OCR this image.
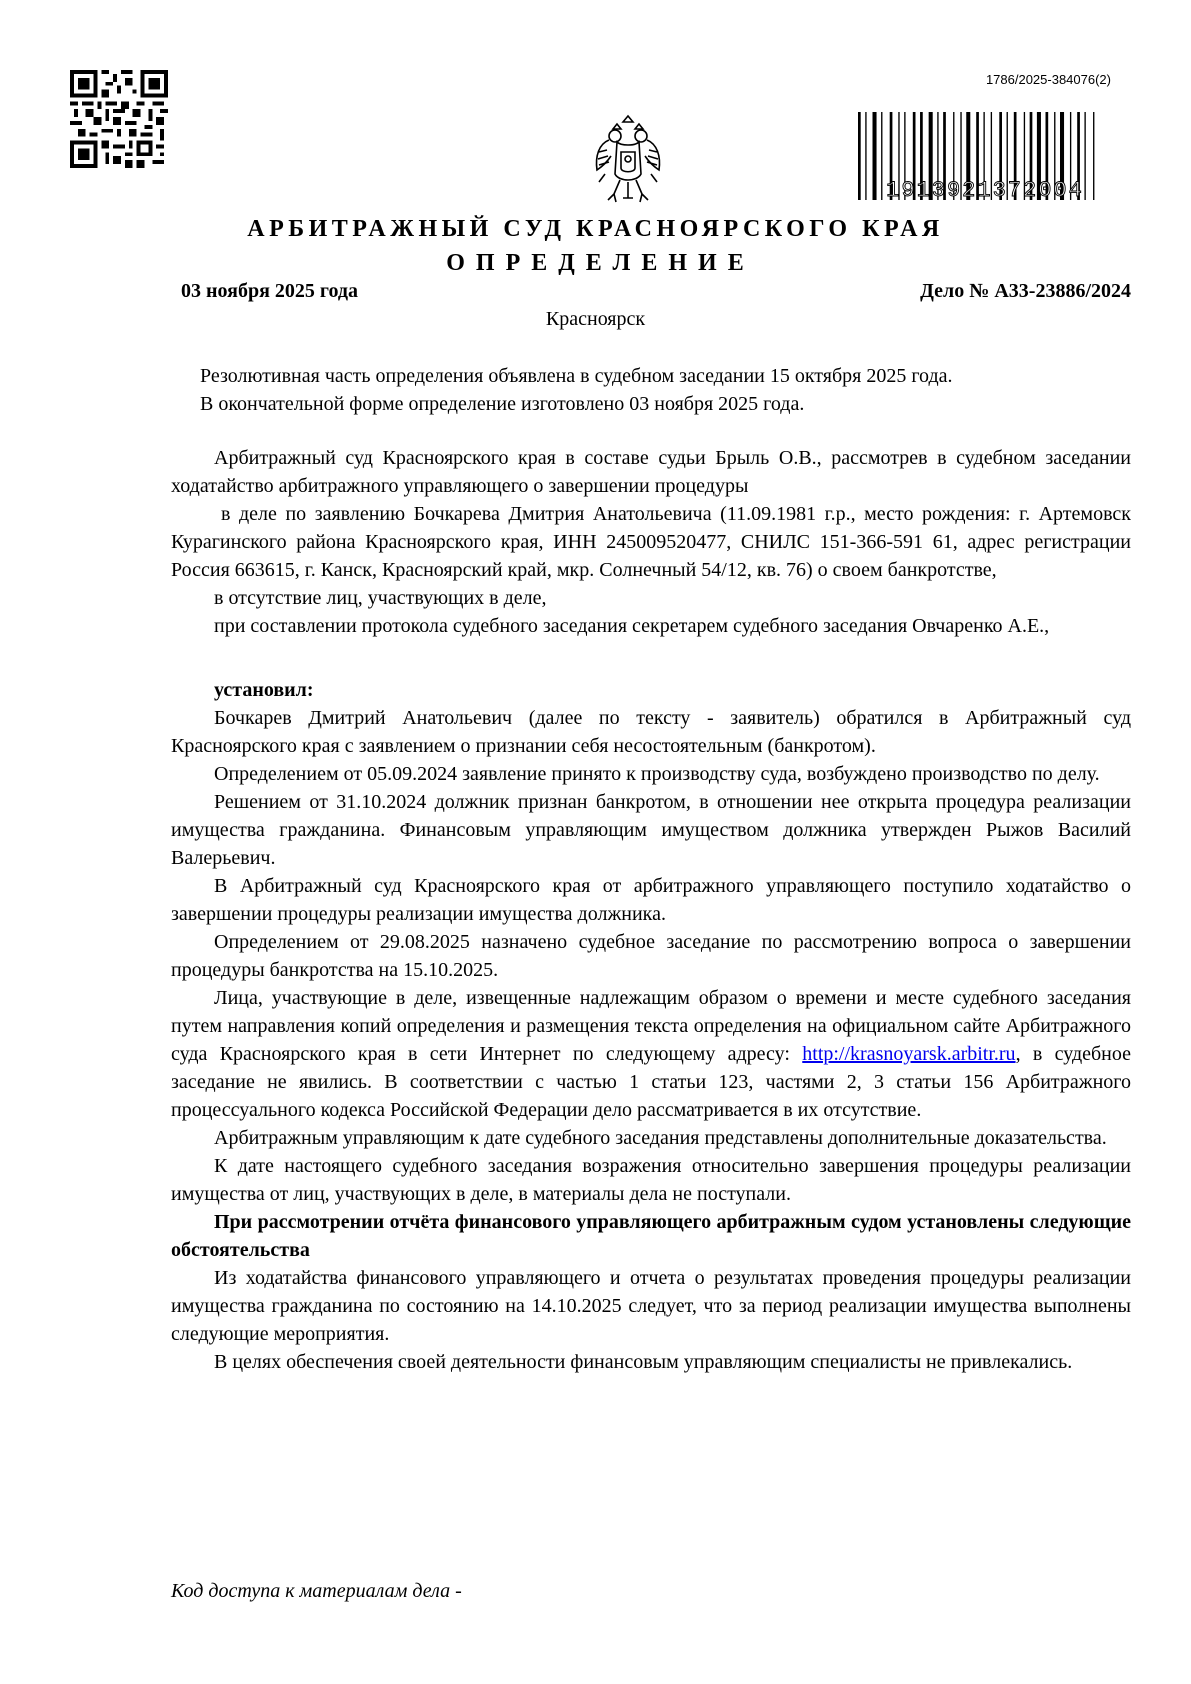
1786/2025-384076(2)
1913921372004
АРБИТРАЖНЫЙ СУД КРАСНОЯРСКОГО КРАЯ
ОПРЕДЕЛЕНИЕ
03 ноября 2025 года	Дело № А33-23886/2024
Красноярск
Резолютивная часть определения объявлена в судебном заседании 15 октября 2025 года.
В окончательной форме определение изготовлено 03 ноября 2025 года.

Арбитражный суд Красноярского края в составе судьи Брыль О.В., рассмотрев в судебном заседании ходатайство арбитражного управляющего о завершении процедуры

в деле по заявлению Бочкарева Дмитрия Анатольевича (11.09.1981 г.р., место рождения: г. Артемовск Курагинского района Красноярского края, ИНН 245009520477, СНИЛС 151-366-591 61, адрес регистрации Россия 663615, г. Канск, Красноярский край, мкр. Солнечный 54/12, кв. 76) о своем банкротстве,

в отсутствие лиц, участвующих в деле,

при составлении протокола судебного заседания секретарем судебного заседания Овчаренко А.Е.,

установил:

Бочкарев Дмитрий Анатольевич (далее по тексту - заявитель) обратился в Арбитражный суд Красноярского края с заявлением о признании себя несостоятельным (банкротом).

Определением от 05.09.2024 заявление принято к производству суда, возбуждено производство по делу.

Решением от 31.10.2024 должник признан банкротом, в отношении нее открыта процедура реализации имущества гражданина. Финансовым управляющим имуществом должника утвержден Рыжов Василий Валерьевич.

В Арбитражный суд Красноярского края от арбитражного управляющего поступило ходатайство о завершении процедуры реализации имущества должника.

Определением от 29.08.2025 назначено судебное заседание по рассмотрению вопроса о завершении процедуры банкротства на 15.10.2025.

Лица, участвующие в деле, извещенные надлежащим образом о времени и месте судебного заседания путем направления копий определения и размещения текста определения на официальном сайте Арбитражного суда Красноярского края в сети Интернет по следующему адресу: http://krasnoyarsk.arbitr.ru, в судебное заседание не явились. В соответствии с частью 1 статьи 123, частями 2, 3 статьи 156 Арбитражного процессуального кодекса Российской Федерации дело рассматривается в их отсутствие.

Арбитражным управляющим к дате судебного заседания представлены дополнительные доказательства.

К дате настоящего судебного заседания возражения относительно завершения процедуры реализации имущества от лиц, участвующих в деле, в материалы дела не поступали.

При рассмотрении отчёта финансового управляющего арбитражным судом установлены следующие обстоятельства

Из ходатайства финансового управляющего и отчета о результатах проведения процедуры реализации имущества гражданина по состоянию на 14.10.2025 следует, что за период реализации имущества выполнены следующие мероприятия.

В целях обеспечения своей деятельности финансовым управляющим специалисты не привлекались.

Код доступа к материалам дела -
